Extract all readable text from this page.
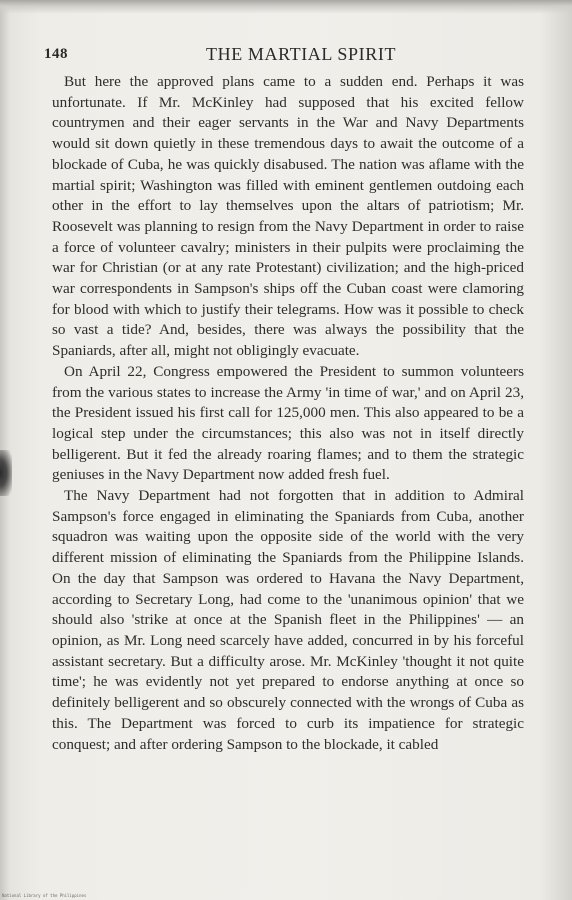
148	THE MARTIAL SPIRIT

But here the approved plans came to a sudden end. Perhaps it was unfortunate. If Mr. McKinley had supposed that his excited fellow countrymen and their eager servants in the War and Navy Departments would sit down quietly in these tremendous days to await the outcome of a blockade of Cuba, he was quickly disabused. The nation was aflame with the martial spirit; Washington was filled with eminent gentlemen outdoing each other in the effort to lay themselves upon the altars of patriotism; Mr. Roosevelt was planning to resign from the Navy Department in order to raise a force of volunteer cavalry; ministers in their pulpits were proclaiming the war for Christian (or at any rate Protestant) civilization; and the high-priced war correspondents in Sampson's ships off the Cuban coast were clamoring for blood with which to justify their telegrams. How was it possible to check so vast a tide? And, besides, there was always the possibility that the Spaniards, after all, might not obligingly evacuate.

On April 22, Congress empowered the President to summon volunteers from the various states to increase the Army 'in time of war,' and on April 23, the President issued his first call for 125,000 men. This also appeared to be a logical step under the circumstances; this also was not in itself directly belligerent. But it fed the already roaring flames; and to them the strategic geniuses in the Navy Department now added fresh fuel.

The Navy Department had not forgotten that in addition to Admiral Sampson's force engaged in eliminating the Spaniards from Cuba, another squadron was waiting upon the opposite side of the world with the very different mission of eliminating the Spaniards from the Philippine Islands. On the day that Sampson was ordered to Havana the Navy Department, according to Secretary Long, had come to the 'unanimous opinion' that we should also 'strike at once at the Spanish fleet in the Philippines' — an opinion, as Mr. Long need scarcely have added, concurred in by his forceful assistant secretary. But a difficulty arose. Mr. McKinley 'thought it not quite time'; he was evidently not yet prepared to endorse anything at once so definitely belligerent and so obscurely connected with the wrongs of Cuba as this. The Department was forced to curb its impatience for strategic conquest; and after ordering Sampson to the blockade, it cabled

National Library of the Philippines
